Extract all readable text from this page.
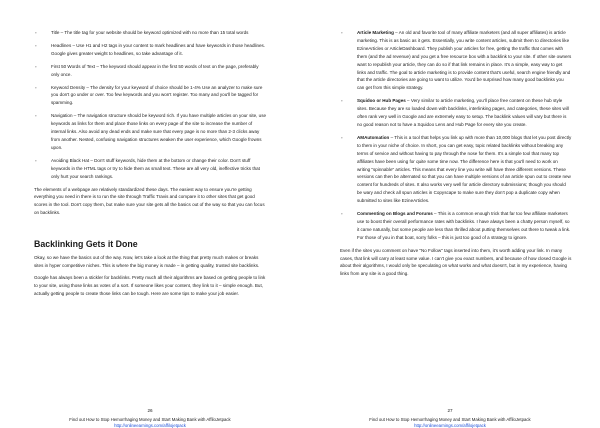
▫	Title – The title tag for your website should be keyword optimized with no more than 15 total words
▫	Headlines – Use H1 and H2 tags in your content to mark headlines and have keywords in those headlines. Google gives greater weight to headlines, so take advantage of it.
▫	First 50 Words of Text – The keyword should appear in the first 50 words of text on the page, preferably only once.
▫	Keyword Density – The density for your keyword of choice should be 1-4% Use an analyzer to make sure you don't go under or over. Too few keywords and you won't register. Too many and you'll be tagged for spamming.
▫	Navigation – The navigation structure should be keyword rich. If you have multiple articles on your site, use keywords as links for them and place those links on every page of the site to increase the number of internal links. Also avoid any dead ends and make sure that every page is no more than 2-3 clicks away from another. Nested, confusing navigation structures weaken the user experience, which Google frowns upon.
▫	Avoiding Black Hat – Don't stuff keywords, hide them at the bottom or change their color. Don't stuff keywords in the HTML tags or try to hide them as small text. These are all very old, ineffective tricks that only hurt your search rankings.

The elements of a webpage are relatively standardized these days. The easiest way to ensure you're getting everything you need in there is to run the site through Traffic Travis and compare it to other sites that get good scores in the tool. Don't copy them, but make sure your site gets all the basics out of the way so that you can focus on backlinks.

Backlinking Gets it Done

Okay, so we have the basics out of the way. Now, let's take a look at the thing that pretty much makes or breaks sites in hyper competitive niches. This is where the big money is made – in getting quality, trusted site backlinks.

Google has always been a stickler for backlinks. Pretty much all their algorithms are based on getting people to link to your site, using those links as votes of a sort. If someone likes your content, they link to it – simple enough. But, actually getting people to create those links can be tough. Here are some tips to make your job easier.

26
Find out How to Stop Hemorrhaging Money and Start Making Bank with AffiloJetpack
http://onlineearnings.com/affilojetpack
▫	Article Marketing – An old and favorite tool of many affiliate marketers (and all super affiliates) is article marketing. This is as basic as it gets. Essentially, you write content articles, submit them to directories like EzineArticles or ArticleDashboard. They publish your articles for free, getting the traffic that comes with them (and the ad revenue) and you get a free resource box with a backlink to your site. If other site owners want to republish your article, they can do so if that link remains in place. It's a simple, easy way to get links and traffic. The goal to article marketing is to provide content that's useful, search engine friendly and that the article directories are going to want to utilize. You'd be surprised how many good backlinks you can get from this simple strategy.
▫	Squidoo or Hub Pages – Very similar to article marketing, you'll place free content on these hub style sites. Because they are so loaded down with backlinks, interlinking pages, and categories, these sites will often rank very well in Google and are extremely easy to setup. The backlink values will vary but there is no good reason not to have a Squidoo Lens and Hub Page for every site you create.
▫	AMAutomation – This is a tool that helps you link up with more than 10,000 blogs that let you post directly to them in your niche of choice. In short, you can get easy, topic related backlinks without breaking any terms of service and without having to pay through the nose for them. It's a simple tool that many top affiliates have been using for quite some time now. The difference here is that you'll need to work on writing "spinnable" articles. This means that every line you write will have three different versions. These versions can then be alternated so that you can have multiple versions of an article spun out to create new content for hundreds of sites. It also works very well for article directory submissions; though you should be wary and check all spun articles in Copyscape to make sure they don't pop a duplicate copy when submitted to sites like EzineArticles.
▫	Commenting on Blogs and Forums – This is a common enough trick that far too few affiliate marketers use to boost their overall performance rates with backlinks. I have always been a chatty person myself, so it came naturally, but some people are less than thrilled about putting themselves out there to tweak a link. For those of you in that boat, sorry folks – this is just too good of a strategy to ignore.

Even if the sites you comment on have "No Follow" tags inserted into them, it's worth adding your link. In many cases, that link will carry at least some value. I can't give you exact numbers, and because of how closed Google is about their algorithms, I would only be speculating on what works and what doesn't, but in my experience, having links from any site is a good thing.

27
Find out How to Stop Hemorrhaging Money and Start Making Bank with AffiloJetpack
http://onlineearnings.com/affilojetpack
